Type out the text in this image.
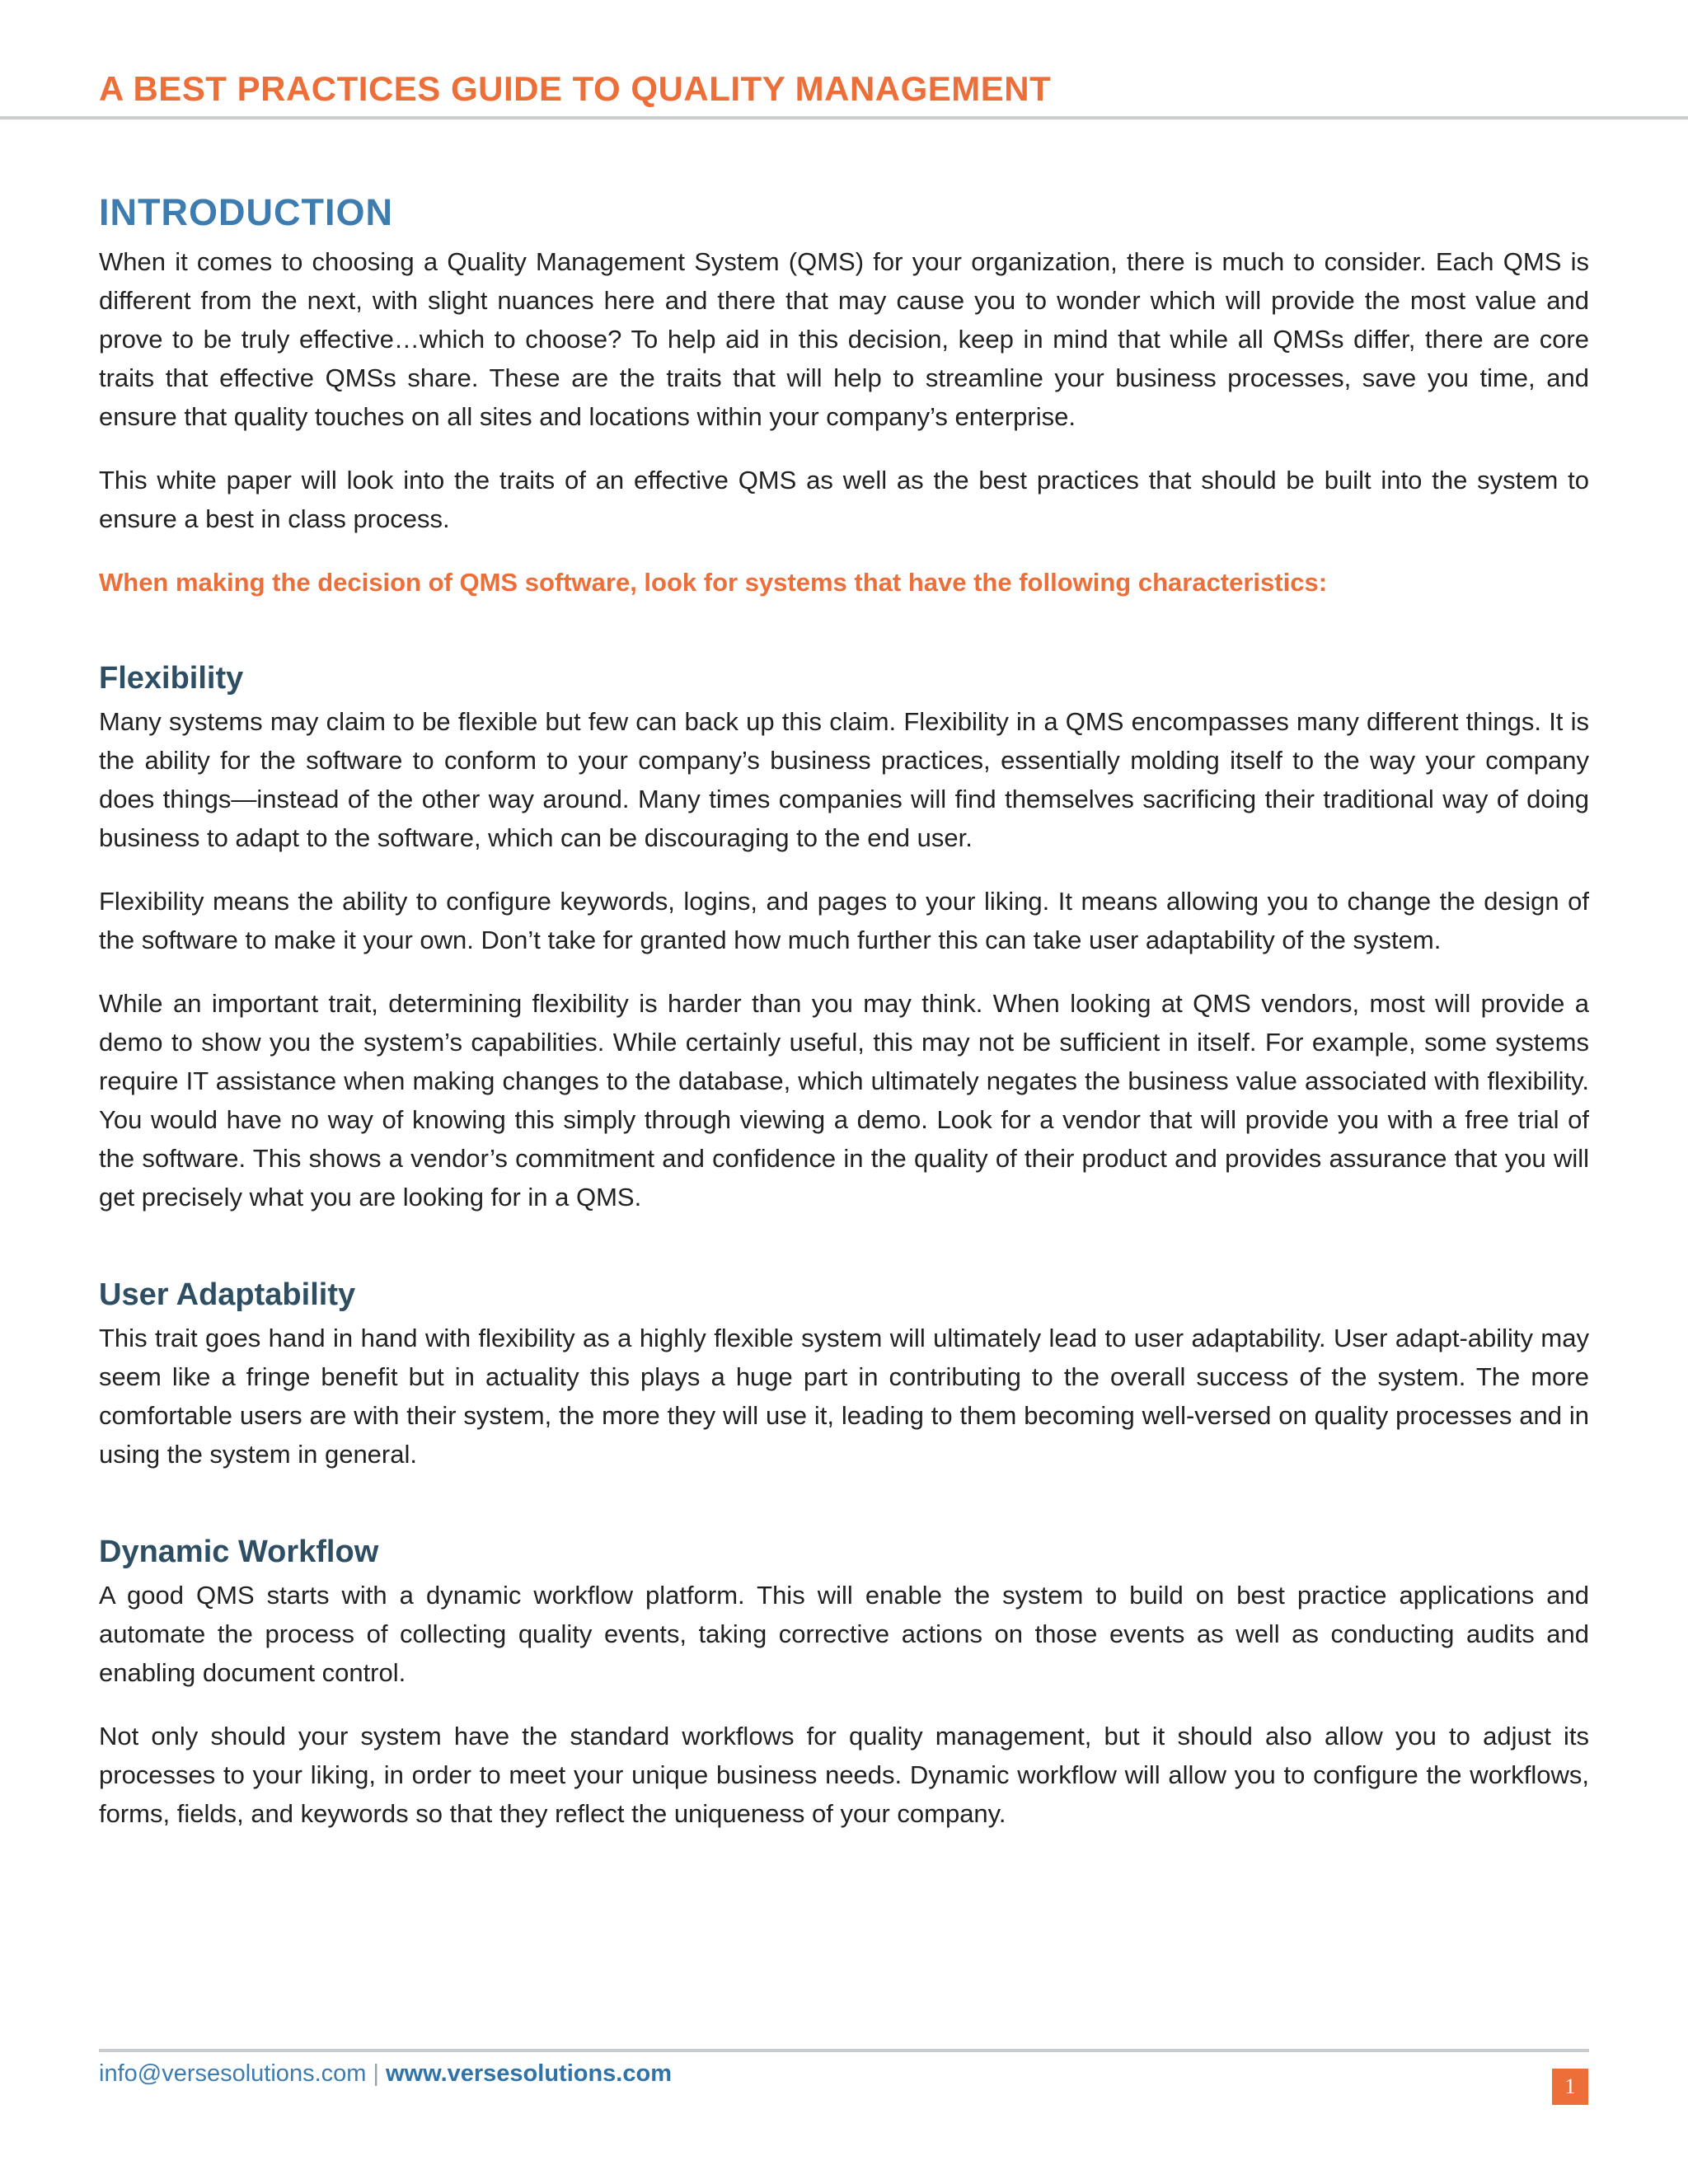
A BEST PRACTICES GUIDE TO QUALITY MANAGEMENT
INTRODUCTION

When it comes to choosing a Quality Management System (QMS) for your organization, there is much to consider. Each QMS is different from the next, with slight nuances here and there that may cause you to wonder which will provide the most value and prove to be truly effective…which to choose? To help aid in this decision, keep in mind that while all QMSs differ, there are core traits that effective QMSs share. These are the traits that will help to streamline your business processes, save you time, and ensure that quality touches on all sites and locations within your company’s enterprise.

This white paper will look into the traits of an effective QMS as well as the best practices that should be built into the system to ensure a best in class process.

When making the decision of QMS software, look for systems that have the following characteristics:
Flexibility

Many systems may claim to be flexible but few can back up this claim. Flexibility in a QMS encompasses many different things. It is the ability for the software to conform to your company’s business practices, essentially molding itself to the way your company does things—instead of the other way around. Many times companies will find themselves sacrificing their traditional way of doing business to adapt to the software, which can be discouraging to the end user.

Flexibility means the ability to configure keywords, logins, and pages to your liking. It means allowing you to change the design of the software to make it your own. Don’t take for granted how much further this can take user adaptability of the system.

While an important trait, determining flexibility is harder than you may think. When looking at QMS vendors, most will provide a demo to show you the system’s capabilities. While certainly useful, this may not be sufficient in itself. For example, some systems require IT assistance when making changes to the database, which ultimately negates the business value associated with flexibility. You would have no way of knowing this simply through viewing a demo. Look for a vendor that will provide you with a free trial of the software. This shows a vendor’s commitment and confidence in the quality of their product and provides assurance that you will get precisely what you are looking for in a QMS.

User Adaptability

This trait goes hand in hand with flexibility as a highly flexible system will ultimately lead to user adaptability. User adapt-ability may seem like a fringe benefit but in actuality this plays a huge part in contributing to the overall success of the system. The more comfortable users are with their system, the more they will use it, leading to them becoming well-versed on quality processes and in using the system in general.

Dynamic Workflow

A good QMS starts with a dynamic workflow platform. This will enable the system to build on best practice applications and automate the process of collecting quality events, taking corrective actions on those events as well as conducting audits and enabling document control.

Not only should your system have the standard workflows for quality management, but it should also allow you to adjust its processes to your liking, in order to meet your unique business needs. Dynamic workflow will allow you to configure the workflows, forms, fields, and keywords so that they reflect the uniqueness of your company.

info@versesolutions.com | www.versesolutions.com	1
